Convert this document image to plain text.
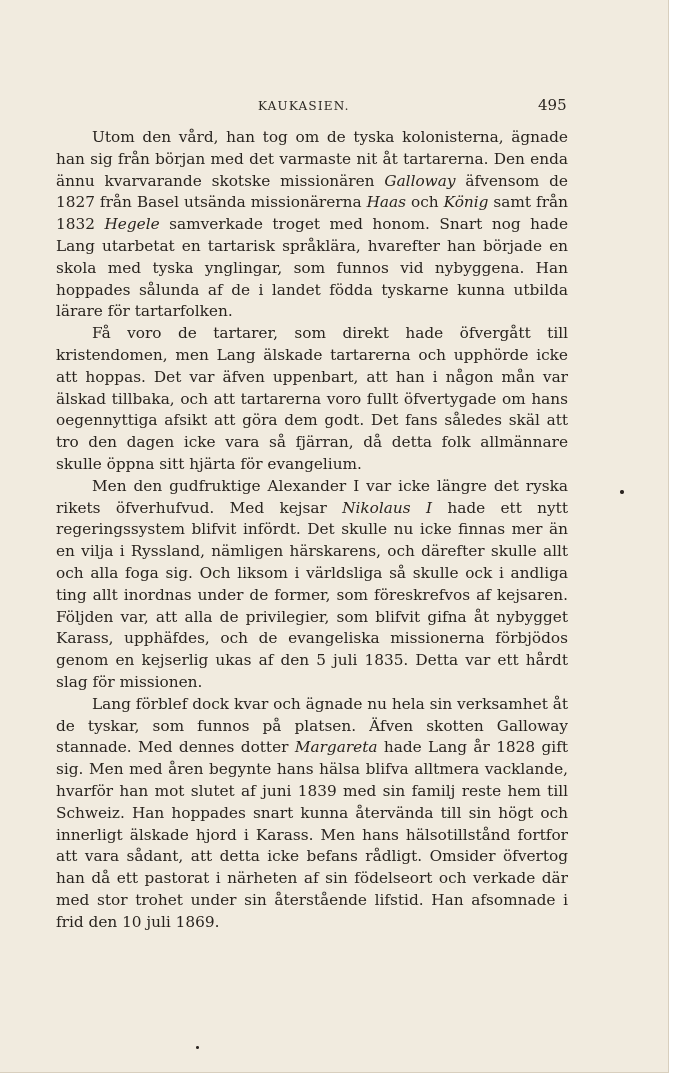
KAUKASIEN.	495

Utom den vård, han tog om de tyska kolonisterna, ägnade han sig från början med det varmaste nit åt tartarerna. Den enda ännu kvarvarande skotske missionären Galloway äfvensom de 1827 från Basel utsända missionärerna Haas och König samt från 1832 Hegele samverkade troget med honom. Snart nog hade Lang utarbetat en tartarisk språklära, hvarefter han började en skola med tyska ynglingar, som funnos vid nybyggena. Han hoppades sålunda af de i landet födda tyskarne kunna utbilda lärare för tartarfolken.

Få voro de tartarer, som direkt hade öfvergått till kristendomen, men Lang älskade tartarerna och upphörde icke att hoppas. Det var äfven uppenbart, att han i någon mån var älskad tillbaka, och att tartarerna voro fullt öfvertygade om hans oegennyttiga afsikt att göra dem godt. Det fans således skäl att tro den dagen icke vara så fjärran, då detta folk allmännare skulle öppna sitt hjärta för evangelium.

Men den gudfruktige Alexander I var icke längre det ryska rikets öfverhufvud. Med kejsar Nikolaus I hade ett nytt regeringssystem blifvit infördt. Det skulle nu icke finnas mer än en vilja i Ryssland, nämligen härskarens, och därefter skulle allt och alla foga sig. Och liksom i världsliga så skulle ock i andliga ting allt inordnas under de former, som föreskrefvos af kejsaren. Följden var, att alla de privilegier, som blifvit gifna åt nybygget Karass, upphäfdes, och de evangeliska missionerna förbjödos genom en kejserlig ukas af den 5 juli 1835. Detta var ett hårdt slag för missionen.

Lang förblef dock kvar och ägnade nu hela sin verksamhet åt de tyskar, som funnos på platsen. Äfven skotten Galloway stannade. Med dennes dotter Margareta hade Lang år 1828 gift sig. Men med åren begynte hans hälsa blifva alltmera vacklande, hvarför han mot slutet af juni 1839 med sin familj reste hem till Schweiz. Han hoppades snart kunna återvända till sin högt och innerligt älskade hjord i Karass. Men hans hälsotillstånd fortfor att vara sådant, att detta icke befans rådligt. Omsider öfvertog han då ett pastorat i närheten af sin födelseort och verkade där med stor trohet under sin återstående lifstid. Han afsomnade i frid den 10 juli 1869.
